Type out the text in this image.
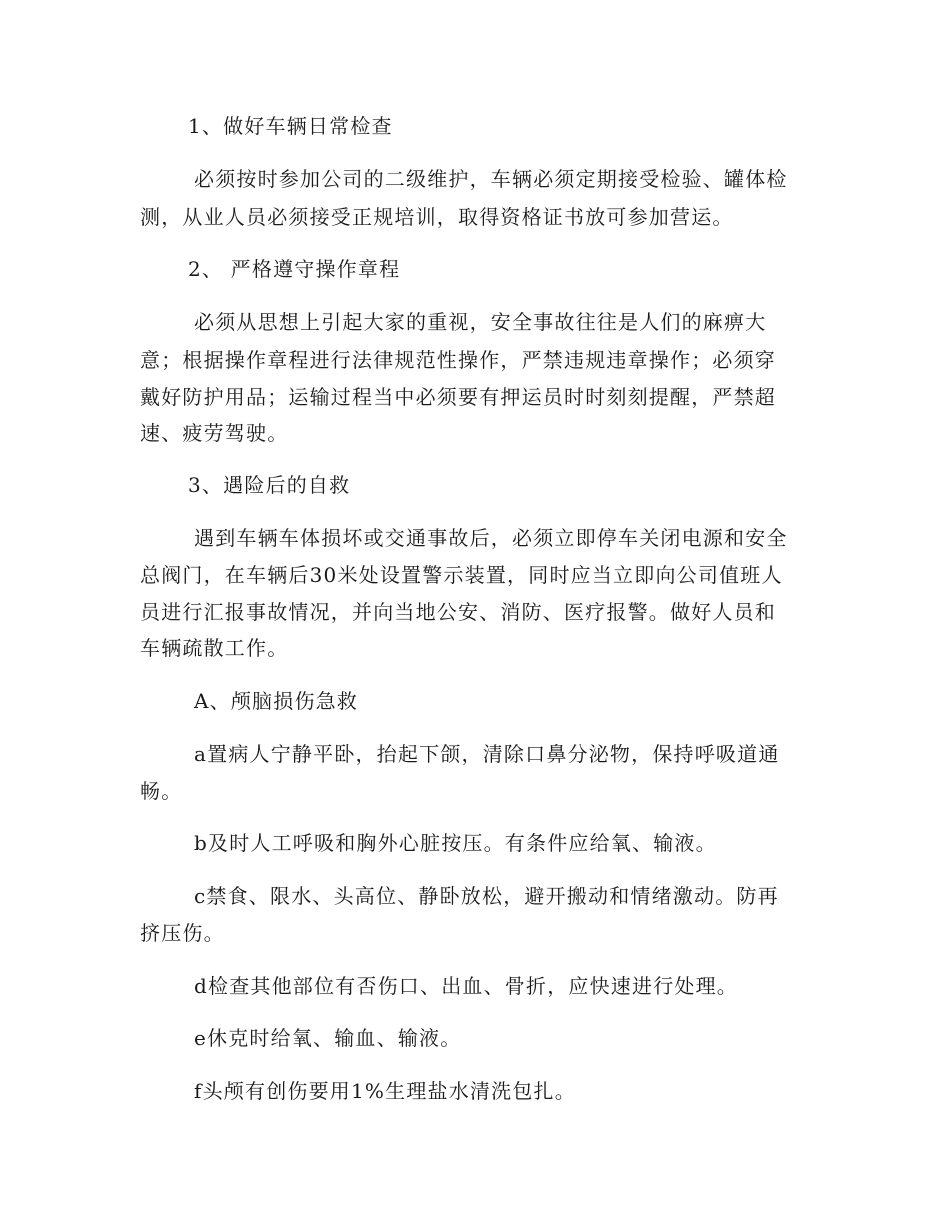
1、做好车辆日常检查
必须按时参加公司的二级维护，车辆必须定期接受检验、罐体检
测，从业人员必须接受正规培训，取得资格证书放可参加营运。
2、 严格遵守操作章程
必须从思想上引起大家的重视，安全事故往往是人们的麻痹大
意；根据操作章程进行法律规范性操作，严禁违规违章操作；必须穿
戴好防护用品；运输过程当中必须要有押运员时时刻刻提醒，严禁超
速、疲劳驾驶。
3、遇险后的自救
遇到车辆车体损坏或交通事故后，必须立即停车关闭电源和安全
总阀门，在车辆后30米处设置警示装置，同时应当立即向公司值班人
员进行汇报事故情况，并向当地公安、消防、医疗报警。做好人员和
车辆疏散工作。
A、颅脑损伤急救
a置病人宁静平卧，抬起下颌，清除口鼻分泌物，保持呼吸道通
畅。
b及时人工呼吸和胸外心脏按压。有条件应给氧、输液。
c禁食、限水、头高位、静卧放松，避开搬动和情绪激动。防再
挤压伤。
d检查其他部位有否伤口、出血、骨折，应快速进行处理。
e休克时给氧、输血、输液。
f头颅有创伤要用1%生理盐水清洗包扎。
